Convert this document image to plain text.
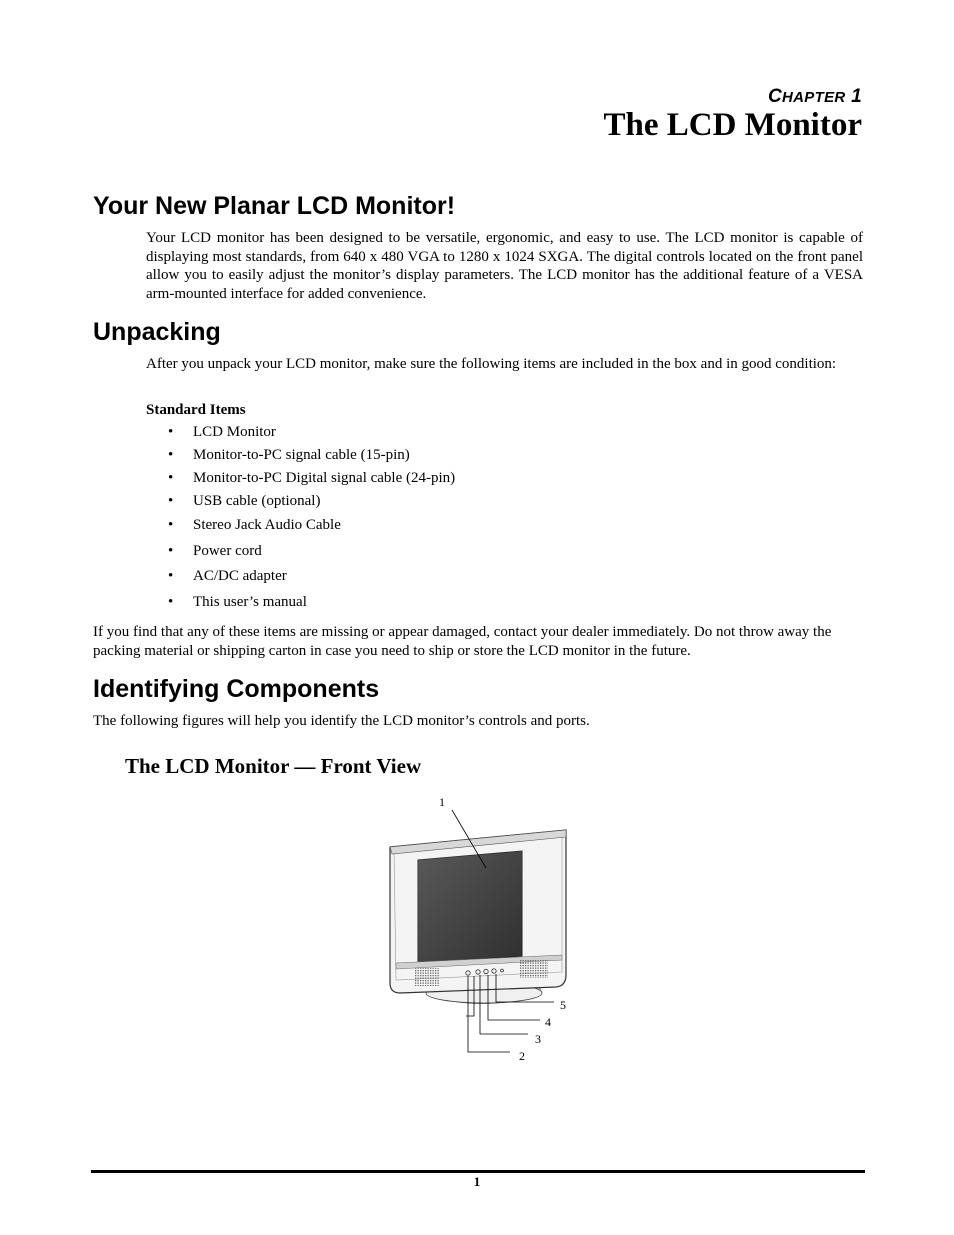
CHAPTER 1
The LCD Monitor
Your New Planar LCD Monitor!

Your LCD monitor has been designed to be versatile, ergonomic, and easy to use. The LCD monitor is capable of displaying most standards, from 640 x 480 VGA to 1280 x 1024 SXGA. The digital controls located on the front panel allow you to easily adjust the monitor’s display parameters. The LCD monitor has the additional feature of a VESA arm-mounted interface for added convenience.

Unpacking

After you unpack your LCD monitor, make sure the following items are included in the box and in good condition:

Standard Items
• LCD Monitor
• Monitor-to-PC signal cable (15-pin)
• Monitor-to-PC Digital signal cable (24-pin)
• USB cable (optional)
• Stereo Jack Audio Cable
• Power cord
• AC/DC adapter
• This user’s manual

If you find that any of these items are missing or appear damaged, contact your dealer immediately. Do not throw away the packing material or shipping carton in case you need to ship or store the LCD monitor in the future.

Identifying Components

The following figures will help you identify the LCD monitor’s controls and ports.

The LCD Monitor — Front View
1
2
3
4
5
1
